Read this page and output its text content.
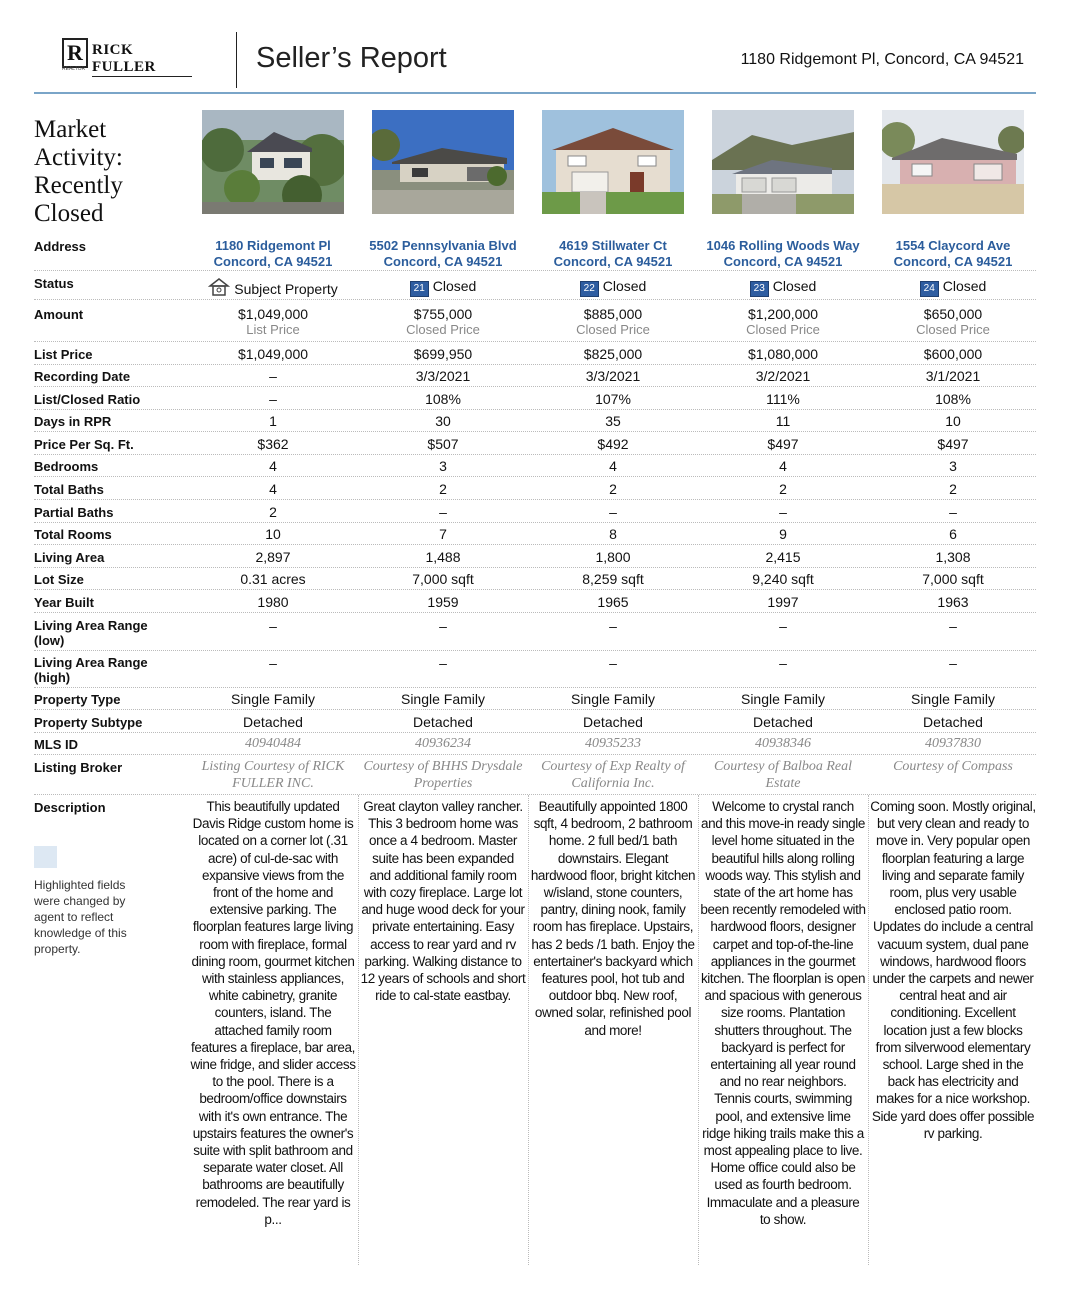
R RICK FULLER
REALTOR	Seller’s Report	1180 Ridgemont Pl, Concord, CA 94521
Market
Activity:
Recently
Closed
Address
Status
Amount
List Price
Recording Date
List/Closed Ratio
Days in RPR
Price Per Sq. Ft.
Bedrooms
Total Baths
Partial Baths
Total Rooms
Living Area
Lot Size
Year Built
Living Area Range (low)
Living Area Range (high)
Property Type
Property Subtype
MLS ID
Listing Broker
Description
Highlighted fields were changed by agent to reflect knowledge of this property.
1180 Ridgemont Pl
Concord, CA 94521
Subject Property
$1,049,000
List Price
$1,049,000
–
–
1
$362
4
4
2
10
2,897
0.31 acres
1980
–
–
Single Family
Detached
40940484
Listing Courtesy of RICK FULLER INC.
This beautifully updated Davis Ridge custom home is located on a corner lot (.31 acre) of cul-de-sac with expansive views from the front of the home and extensive parking. The floorplan features large living room with fireplace, formal dining room, gourmet kitchen with stainless appliances, white cabinetry, granite counters, island. The attached family room features a fireplace, bar area, wine fridge, and slider access to the pool. There is a bedroom/office downstairs with it's own entrance. The upstairs features the owner's suite with split bathroom and separate water closet. All bathrooms are beautifully remodeled. The rear yard is p...
5502 Pennsylvania Blvd
Concord, CA 94521
21 Closed
$755,000
Closed Price
$699,950
3/3/2021
108%
30
$507
3
2
–
7
1,488
7,000 sqft
1959
–
–
Single Family
Detached
40936234
Courtesy of BHHS Drysdale Properties
Great clayton valley rancher. This 3 bedroom home was once a 4 bedroom. Master suite has been expanded and additional family room with cozy fireplace. Large lot and huge wood deck for your private entertaining. Easy access to rear yard and rv parking. Walking distance to 12 years of schools and short ride to cal-state eastbay.
4619 Stillwater Ct
Concord, CA 94521
22 Closed
$885,000
Closed Price
$825,000
3/3/2021
107%
35
$492
4
2
–
8
1,800
8,259 sqft
1965
–
–
Single Family
Detached
40935233
Courtesy of Exp Realty of California Inc.
Beautifully appointed 1800 sqft, 4 bedroom, 2 bathroom home. 2 full bed/1 bath downstairs. Elegant hardwood floor, bright kitchen w/island, stone counters, pantry, dining nook, family room has fireplace. Upstairs, has 2 beds /1 bath. Enjoy the entertainer's backyard which features pool, hot tub and outdoor bbq. New roof, owned solar, refinished pool and more!
1046 Rolling Woods Way
Concord, CA 94521
23 Closed
$1,200,000
Closed Price
$1,080,000
3/2/2021
111%
11
$497
4
2
–
9
2,415
9,240 sqft
1997
–
–
Single Family
Detached
40938346
Courtesy of Balboa Real Estate
Welcome to crystal ranch and this move-in ready single level home situated in the beautiful hills along rolling woods way. This stylish and state of the art home has been recently remodeled with hardwood floors, designer carpet and top-of-the-line appliances in the gourmet kitchen. The floorplan is open and spacious with generous size rooms. Plantation shutters throughout. The backyard is perfect for entertaining all year round and no rear neighbors. Tennis courts, swimming pool, and extensive lime ridge hiking trails make this a most appealing place to live. Home office could also be used as fourth bedroom. Immaculate and a pleasure to show.
1554 Claycord Ave
Concord, CA 94521
24 Closed
$650,000
Closed Price
$600,000
3/1/2021
108%
10
$497
3
2
–
6
1,308
7,000 sqft
1963
–
–
Single Family
Detached
40937830
Courtesy of Compass
Coming soon. Mostly original, but very clean and ready to move in. Very popular open floorplan featuring a large living and separate family room, plus very usable enclosed patio room. Updates do include a central vacuum system, dual pane windows, hardwood floors under the carpets and newer central heat and air conditioning. Excellent location just a few blocks from silverwood elementary school. Large shed in the back has electricity and makes for a nice workshop. Side yard does offer possible rv parking.
